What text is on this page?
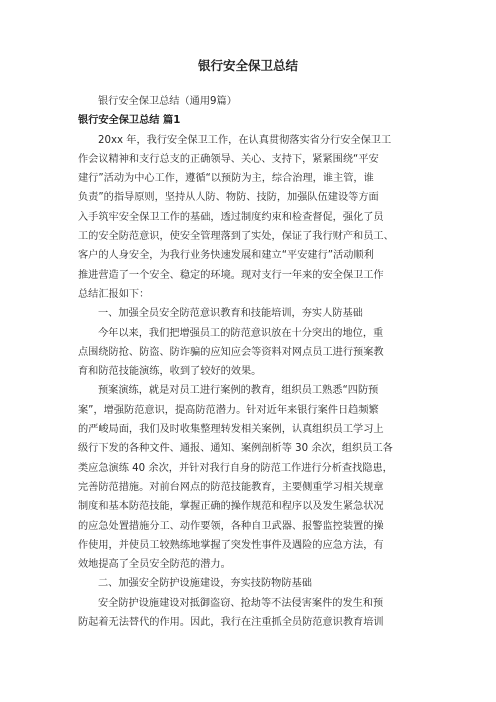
银行安全保卫总结

银行安全保卫总结（通用9篇）

银行安全保卫总结 篇1

20xx 年，我行安全保卫工作，在认真贯彻落实省分行安全保卫工

作会议精神和支行总支的正确领导、关心、支持下，紧紧围绕“平安

建行”活动为中心工作，遵循“以预防为主，综合治理，谁主管，谁

负责”的指导原则，坚持从人防、物防、技防，加强队伍建设等方面

入手筑牢安全保卫工作的基础，透过制度约束和检查督促，强化了员

工的安全防范意识，使安全管理落到了实处，保证了我行财产和员工、

客户的人身安全，为我行业务快速发展和建立“平安建行”活动顺利

推进营造了一个安全、稳定的环境。现对支行一年来的安全保卫工作

总结汇报如下：

一、加强全员安全防范意识教育和技能培训，夯实人防基础

今年以来，我们把增强员工的防范意识放在十分突出的地位，重

点围绕防抢、防盗、防诈骗的应知应会等资料对网点员工进行预案教

育和防范技能演练，收到了较好的效果。

预案演练，就是对员工进行案例的教育，组织员工熟悉“四防预

案”，增强防范意识，提高防范潜力。针对近年来银行案件日趋频繁

的严峻局面，我们及时收集整理转发相关案例，认真组织员工学习上

级行下发的各种文件、通报、通知、案例剖析等 30 余次，组织员工各

类应急演练 40 余次，并针对我行自身的防范工作进行分析查找隐患，

完善防范措施。对前台网点的防范技能教育，主要侧重学习相关规章

制度和基本防范技能，掌握正确的操作规范和程序以及发生紧急状况

的应急处置措施分工、动作要领，各种自卫武器、报警监控装置的操

作使用，并使员工较熟练地掌握了突发性事件及遇险的应急方法，有

效地提高了全员安全防范的潜力。

二、加强安全防护设施建设，夯实技防物防基础

安全防护设施建设对抵御盗窃、抢劫等不法侵害案件的发生和预

防起着无法替代的作用。因此，我行在注重抓全员防范意识教育培训
